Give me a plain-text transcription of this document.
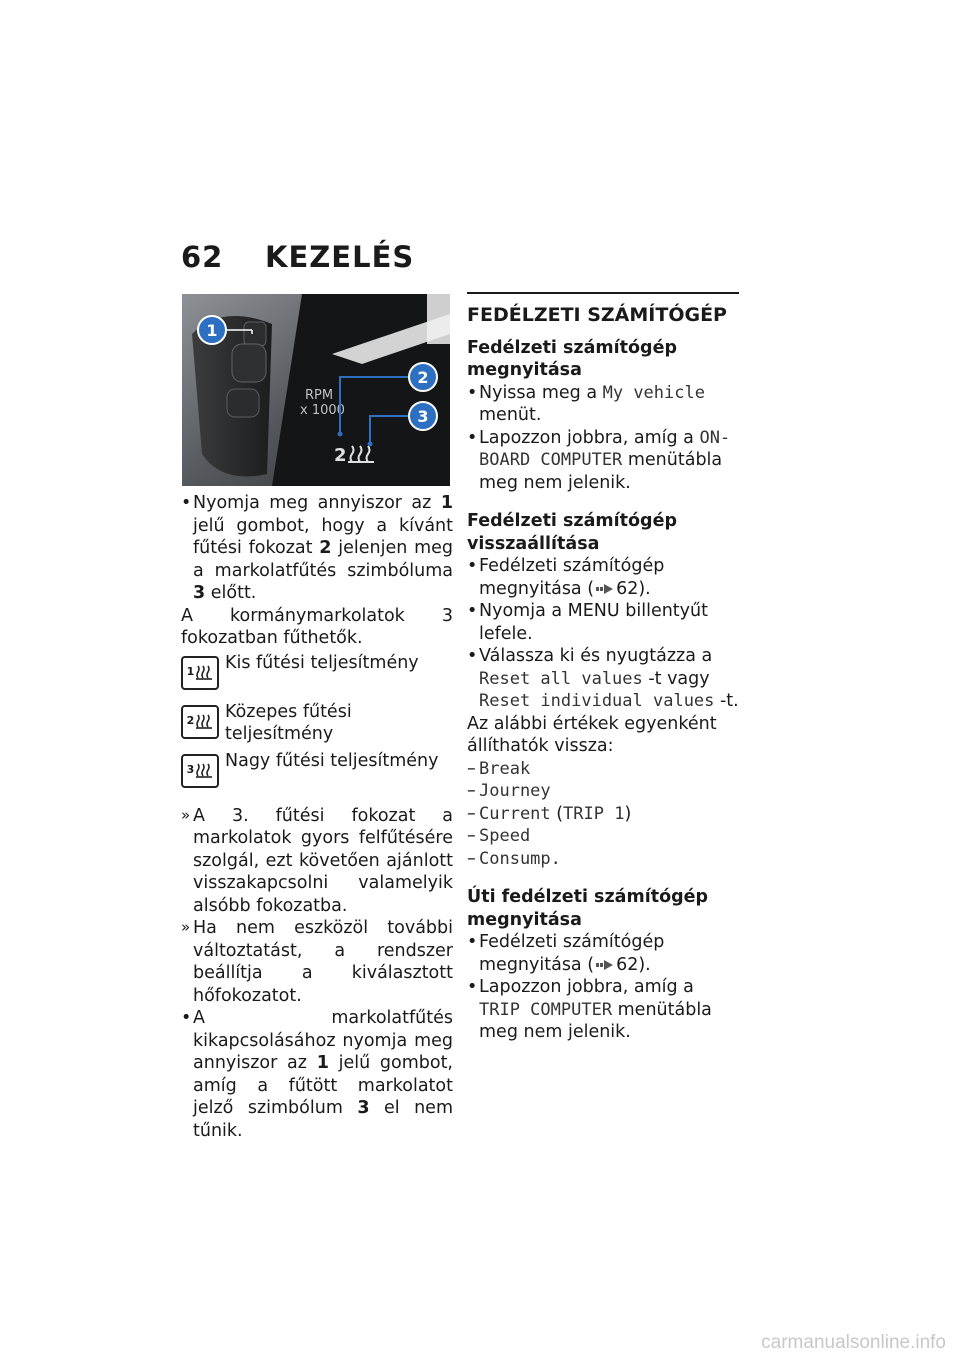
62 KEZELÉS
RPM
x 1000
2
1
2
3
• Nyomja meg annyiszor az 1 jelű gombot, hogy a kívánt fűtési fokozat 2 jelenjen meg a markolatfűtés szimbóluma 3 előtt.
A kormánymarkolatok 3 fokozatban fűthetők.
1 Kis fűtési teljesítmény
2 Közepes fűtési teljesítmény
3 Nagy fűtési teljesítmény
» A 3. fűtési fokozat a markolatok gyors felfűtésére szolgál, ezt követően ajánlott visszakapcsolni valamelyik alsóbb fokozatba.
» Ha nem eszközöl további változtatást, a rendszer beállítja a kiválasztott hőfokozatot.
• A markolatfűtés kikapcsolásához nyomja meg annyiszor az 1 jelű gombot, amíg a fűtött markolatot jelző szimbólum 3 el nem tűnik.
FEDÉLZETI SZÁMÍTÓGÉP
Fedélzeti számítógép megnyitása
• Nyissa meg a My vehicle menüt.
• Lapozzon jobbra, amíg a ON-BOARD COMPUTER menütábla meg nem jelenik.
Fedélzeti számítógép visszaállítása
• Fedélzeti számítógép megnyitása ( 62).
• Nyomja a MENU billentyűt lefele.
• Válassza ki és nyugtázza a Reset all values -t vagy Reset individual values -t.
Az alábbi értékek egyenként állíthatók vissza:
– Break
– Journey
– Current (TRIP 1)
– Speed
– Consump.
Úti fedélzeti számítógép megnyitása
• Fedélzeti számítógép megnyitása ( 62).
• Lapozzon jobbra, amíg a TRIP COMPUTER menütábla meg nem jelenik.
carmanualsonline.info
